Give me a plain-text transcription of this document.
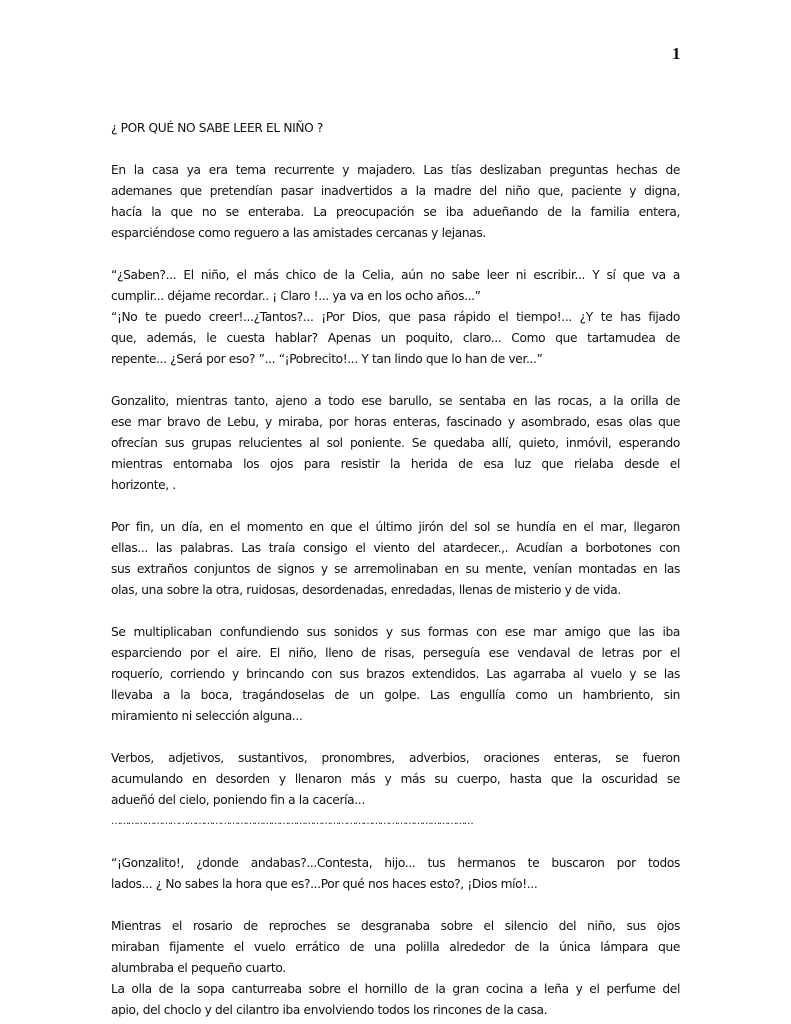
1
¿ POR QUÉ NO SABE LEER EL NIÑO ?
En la casa ya era tema recurrente y majadero. Las tías deslizaban preguntas hechas de
ademanes que pretendían pasar inadvertidos a la madre del niño que, paciente y digna,
hacía la que no se enteraba. La preocupación se iba adueñando de la familia entera,
esparciéndose como reguero a las amistades cercanas y lejanas.
“¿Saben?... El niño, el más chico de la Celia, aún no sabe leer ni escribir... Y sí que va a
cumplir... déjame recordar.. ¡ Claro !... ya va en los ocho años...”
“¡No te puedo creer!...¿Tantos?... ¡Por Dios, que pasa rápido el tiempo!... ¿Y te has fijado
que, además, le cuesta hablar? Apenas un poquito, claro... Como que tartamudea de
repente... ¿Será por eso? ”... “¡Pobrecito!... Y tan lindo que lo han de ver...”
Gonzalito, mientras tanto, ajeno a todo ese barullo, se sentaba en las rocas, a la orilla de
ese mar bravo de Lebu, y miraba, por horas enteras, fascinado y asombrado, esas olas que
ofrecían sus grupas relucientes al sol poniente. Se quedaba allí, quieto, inmóvil, esperando
mientras entornaba los ojos para resistir la herida de esa luz que rielaba desde el
horizonte, .
Por fin, un día, en el momento en que el último jirón del sol se hundía en el mar, llegaron
ellas... las palabras. Las traía consigo el viento del atardecer.,. Acudían a borbotones con
sus extraños conjuntos de signos y se arremolinaban en su mente, venían montadas en las
olas, una sobre la otra, ruidosas, desordenadas, enredadas, llenas de misterio y de vida.
Se multiplicaban confundiendo sus sonidos y sus formas con ese mar amigo que las iba
esparciendo por el aire. El niño, lleno de risas, perseguía ese vendaval de letras por el
roquerío, corriendo y brincando con sus brazos extendidos. Las agarraba al vuelo y se las
llevaba a la boca, tragándoselas de un golpe. Las engullía como un hambriento, sin
miramiento ni selección alguna...
Verbos, adjetivos, sustantivos, pronombres, adverbios, oraciones enteras, se fueron
acumulando en desorden y llenaron más y más su cuerpo, hasta que la oscuridad se
adueñó del cielo, poniendo fin a la cacería...
…………………………………………………………………………………………………………………
“¡Gonzalito!, ¿donde andabas?...Contesta, hijo... tus hermanos te buscaron por todos
lados... ¿ No sabes la hora que es?...Por qué nos haces esto?, ¡Dios mío!...
Mientras el rosario de reproches se desgranaba sobre el silencio del niño, sus ojos
miraban fijamente el vuelo errático de una polilla alrededor de la única lámpara que
alumbraba el pequeño cuarto.
La olla de la sopa canturreaba sobre el hornillo de la gran cocina a leña y el perfume del
apio, del choclo y del cilantro iba envolviendo todos los rincones de la casa.
